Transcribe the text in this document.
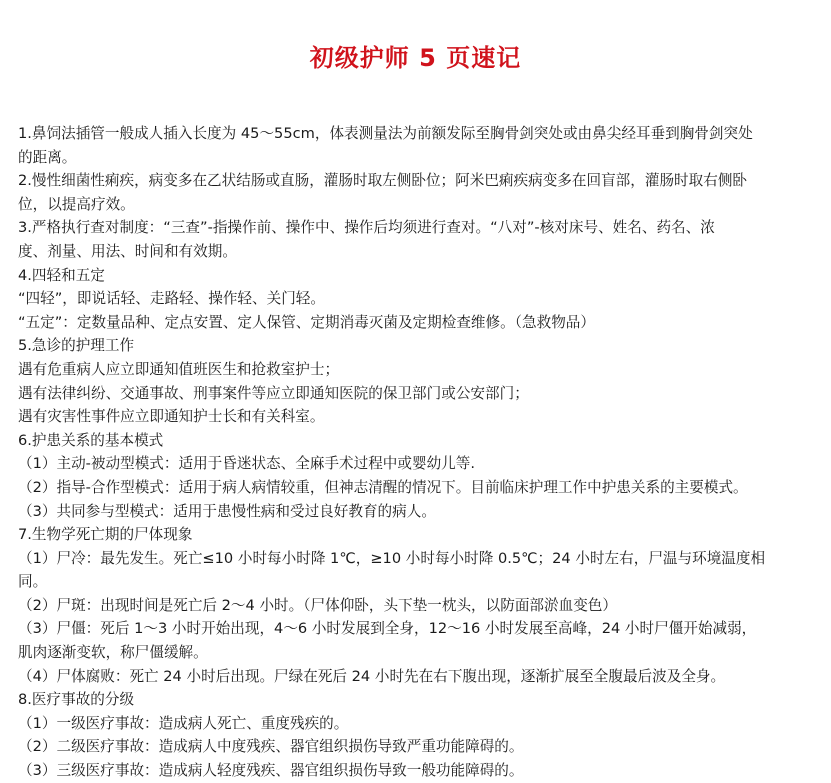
初级护师 5 页速记
1.鼻饲法插管一般成人插入长度为 45～55cm，体表测量法为前额发际至胸骨剑突处或由鼻尖经耳垂到胸骨剑突处
的距离。
2.慢性细菌性痢疾，病变多在乙状结肠或直肠，灌肠时取左侧卧位；阿米巴痢疾病变多在回盲部，灌肠时取右侧卧
位，以提高疗效。
3.严格执行查对制度：“三查”-指操作前、操作中、操作后均须进行查对。“八对”-核对床号、姓名、药名、浓
度、剂量、用法、时间和有效期。
4.四轻和五定
“四轻”，即说话轻、走路轻、操作轻、关门轻。
“五定”：定数量品种、定点安置、定人保管、定期消毒灭菌及定期检查维修。（急救物品）
5.急诊的护理工作
遇有危重病人应立即通知值班医生和抢救室护士；
遇有法律纠纷、交通事故、刑事案件等应立即通知医院的保卫部门或公安部门；
遇有灾害性事件应立即通知护士长和有关科室。
6.护患关系的基本模式
（1）主动-被动型模式：适用于昏迷状态、全麻手术过程中或婴幼儿等.
（2）指导-合作型模式：适用于病人病情较重，但神志清醒的情况下。目前临床护理工作中护患关系的主要模式。
（3）共同参与型模式：适用于患慢性病和受过良好教育的病人。
7.生物学死亡期的尸体现象
（1）尸冷：最先发生。死亡≤10 小时每小时降 1℃，≥10 小时每小时降 0.5℃；24 小时左右，尸温与环境温度相
同。
（2）尸斑：出现时间是死亡后 2～4 小时。（尸体仰卧，头下垫一枕头，以防面部淤血变色）
（3）尸僵：死后 1～3 小时开始出现，4～6 小时发展到全身，12～16 小时发展至高峰，24 小时尸僵开始减弱，
肌肉逐渐变软，称尸僵缓解。
（4）尸体腐败：死亡 24 小时后出现。尸绿在死后 24 小时先在右下腹出现，逐渐扩展至全腹最后波及全身。
8.医疗事故的分级
（1）一级医疗事故：造成病人死亡、重度残疾的。
（2）二级医疗事故：造成病人中度残疾、器官组织损伤导致严重功能障碍的。
（3）三级医疗事故：造成病人轻度残疾、器官组织损伤导致一般功能障碍的。
